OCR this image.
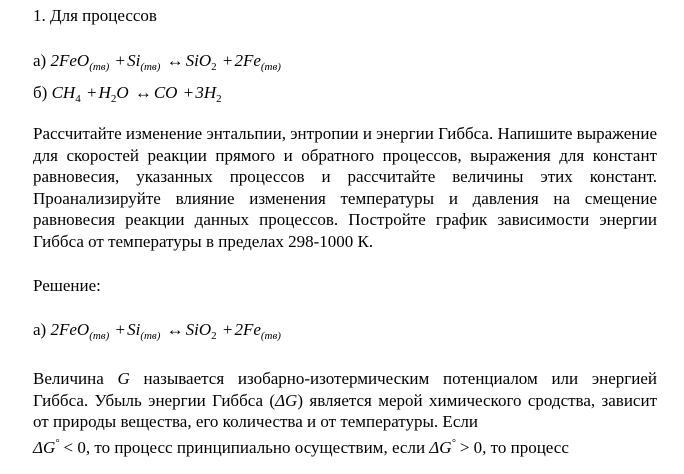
1. Для процессов
а) $2FeO_{(тв)} + Si_{(тв)}$ ↔ $SiO_2 + 2Fe_{(тв)}$
б) $CH_4 + H_2O$ ↔ CO + $3H_2$
Рассчитайте изменение энтальпии, энтропии и энергии Гиббса. Напишите выражение для скоростей реакции прямого и обратного процессов, выражения для констант равновесия, указанных процессов и рассчитайте величины этих констант. Проанализируйте влияние изменения температуры и давления на смещение равновесия реакции данных процессов. Постройте график зависимости энергии Гиббса от температуры в пределах 298-1000 К.
Решение:
а) $2FeO_{(тв)} + Si_{(тв)}$ ↔ $SiO_2 + 2Fe_{(тв)}$
Величина G называется изобарно-изотермическим потенциалом или энергией Гиббса. Убыль энергии Гиббса (ΔG) является мерой химического сродства, зависит от природы вещества, его количества и от температуры. Если
ΔG° < 0, то процесс принципиально осуществим, если ΔG° > 0, то процесс
